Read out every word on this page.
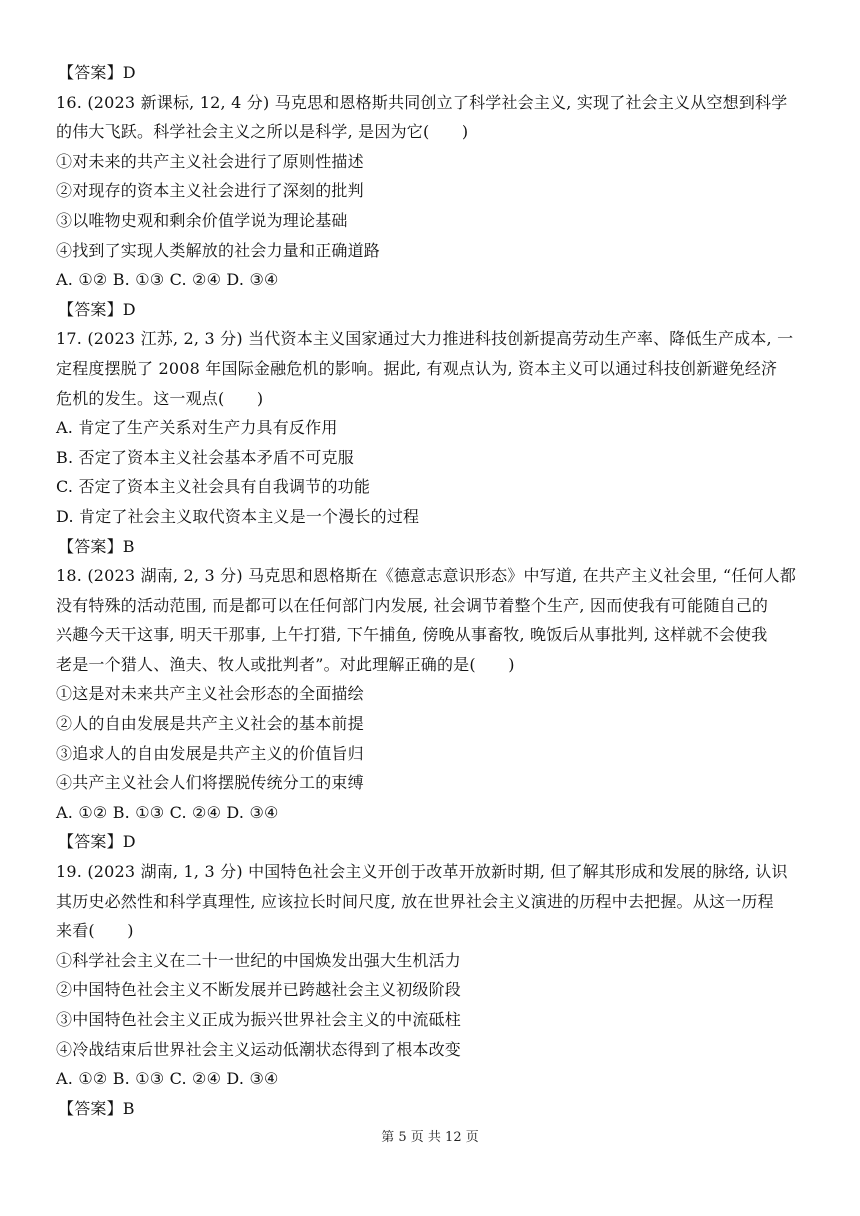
【答案】D
16. (2023 新课标, 12, 4 分) 马克思和恩格斯共同创立了科学社会主义, 实现了社会主义从空想到科学
的伟大飞跃。科学社会主义之所以是科学, 是因为它(　　)
①对未来的共产主义社会进行了原则性描述
②对现存的资本主义社会进行了深刻的批判
③以唯物史观和剩余价值学说为理论基础
④找到了实现人类解放的社会力量和正确道路
A. ①② B. ①③ C. ②④ D. ③④
【答案】D
17. (2023 江苏, 2, 3 分) 当代资本主义国家通过大力推进科技创新提高劳动生产率、降低生产成本, 一
定程度摆脱了 2008 年国际金融危机的影响。据此, 有观点认为, 资本主义可以通过科技创新避免经济
危机的发生。这一观点(　　)
A. 肯定了生产关系对生产力具有反作用
B. 否定了资本主义社会基本矛盾不可克服
C. 否定了资本主义社会具有自我调节的功能
D. 肯定了社会主义取代资本主义是一个漫长的过程
【答案】B
18. (2023 湖南, 2, 3 分) 马克思和恩格斯在《德意志意识形态》中写道, 在共产主义社会里, “任何人都
没有特殊的活动范围, 而是都可以在任何部门内发展, 社会调节着整个生产, 因而使我有可能随自己的
兴趣今天干这事, 明天干那事, 上午打猎, 下午捕鱼, 傍晚从事畜牧, 晚饭后从事批判, 这样就不会使我
老是一个猎人、渔夫、牧人或批判者”。对此理解正确的是(　　)
①这是对未来共产主义社会形态的全面描绘
②人的自由发展是共产主义社会的基本前提
③追求人的自由发展是共产主义的价值旨归
④共产主义社会人们将摆脱传统分工的束缚
A. ①② B. ①③ C. ②④ D. ③④
【答案】D
19. (2023 湖南, 1, 3 分) 中国特色社会主义开创于改革开放新时期, 但了解其形成和发展的脉络, 认识
其历史必然性和科学真理性, 应该拉长时间尺度, 放在世界社会主义演进的历程中去把握。从这一历程
来看(　　)
①科学社会主义在二十一世纪的中国焕发出强大生机活力
②中国特色社会主义不断发展并已跨越社会主义初级阶段
③中国特色社会主义正成为振兴世界社会主义的中流砥柱
④冷战结束后世界社会主义运动低潮状态得到了根本改变
A. ①② B. ①③ C. ②④ D. ③④
【答案】B
第 5 页 共 12 页
